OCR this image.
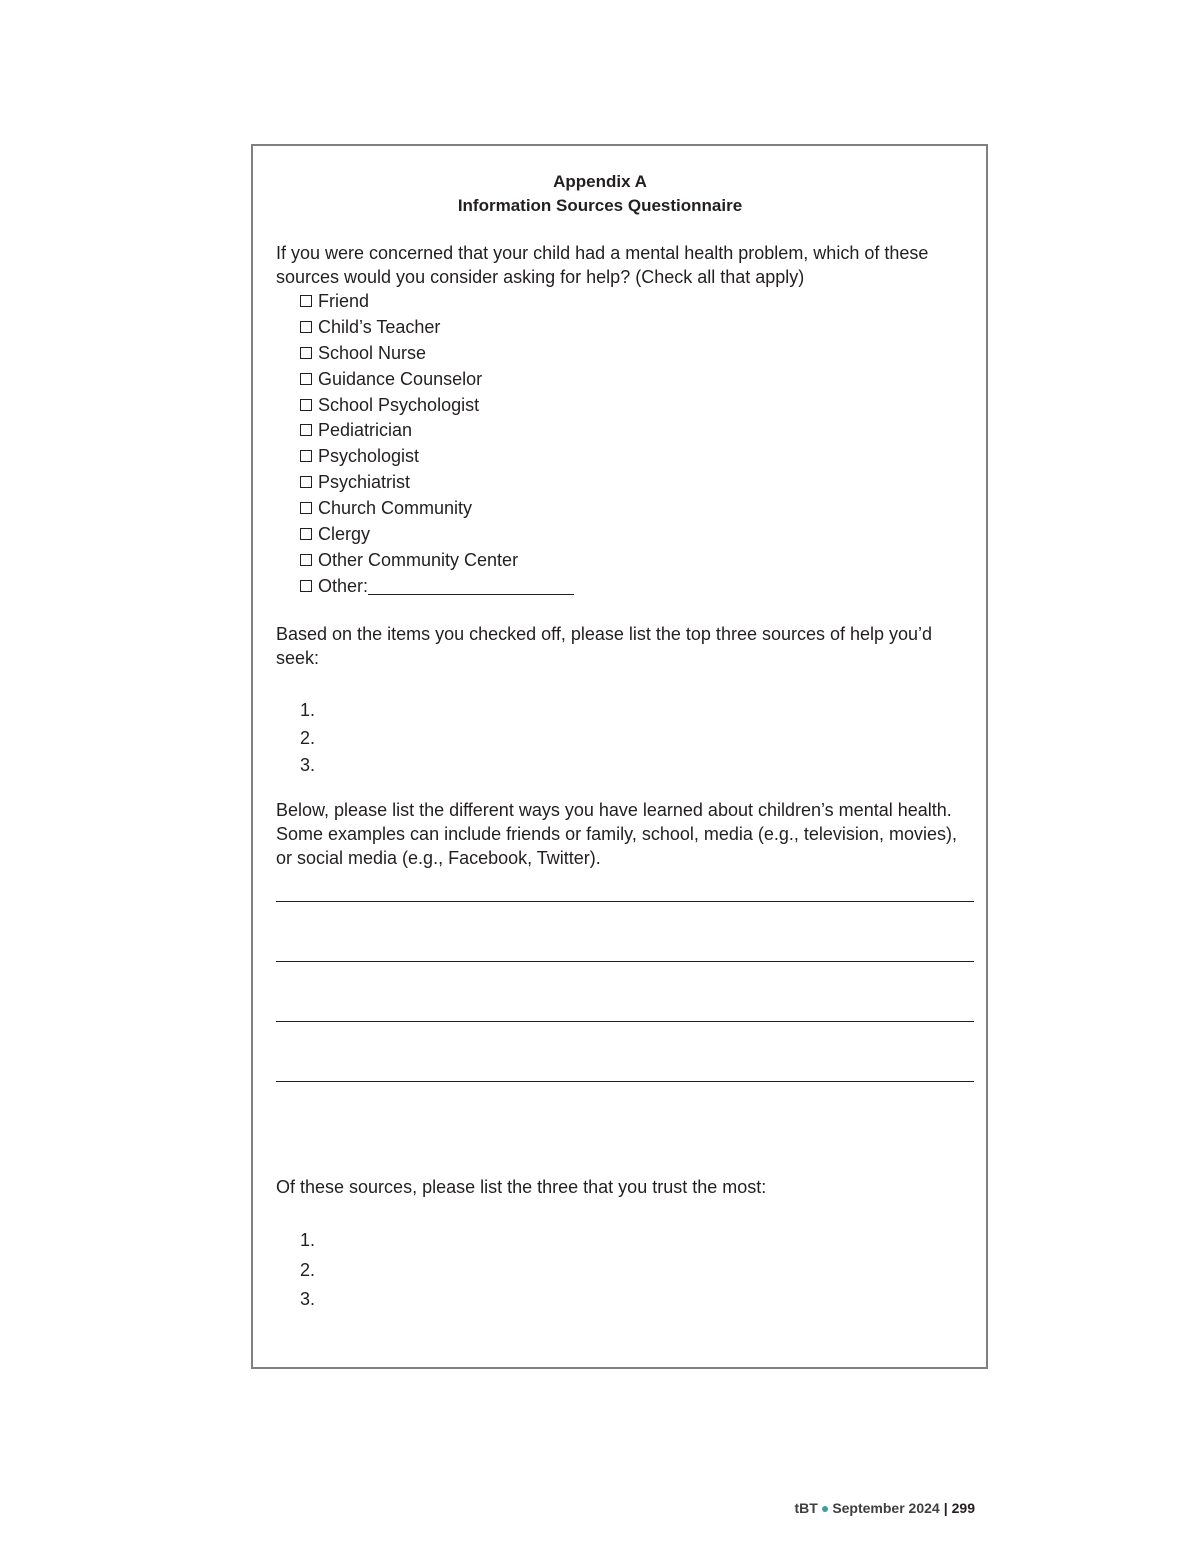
Appendix A
Information Sources Questionnaire
If you were concerned that your child had a mental health problem, which of these sources would you consider asking for help? (Check all that apply)
Friend
Child’s Teacher
School Nurse
Guidance Counselor
School Psychologist
Pediatrician
Psychologist
Psychiatrist
Church Community
Clergy
Other Community Center
Other:
Based on the items you checked off, please list the top three sources of help you’d seek:
1.
2.
3.
Below, please list the different ways you have learned about children’s mental health. Some examples can include friends or family, school, media (e.g., television, movies), or social media (e.g., Facebook, Twitter).
Of these sources, please list the three that you trust the most:
1.
2.
3.
tBT ● September 2024 | 299
